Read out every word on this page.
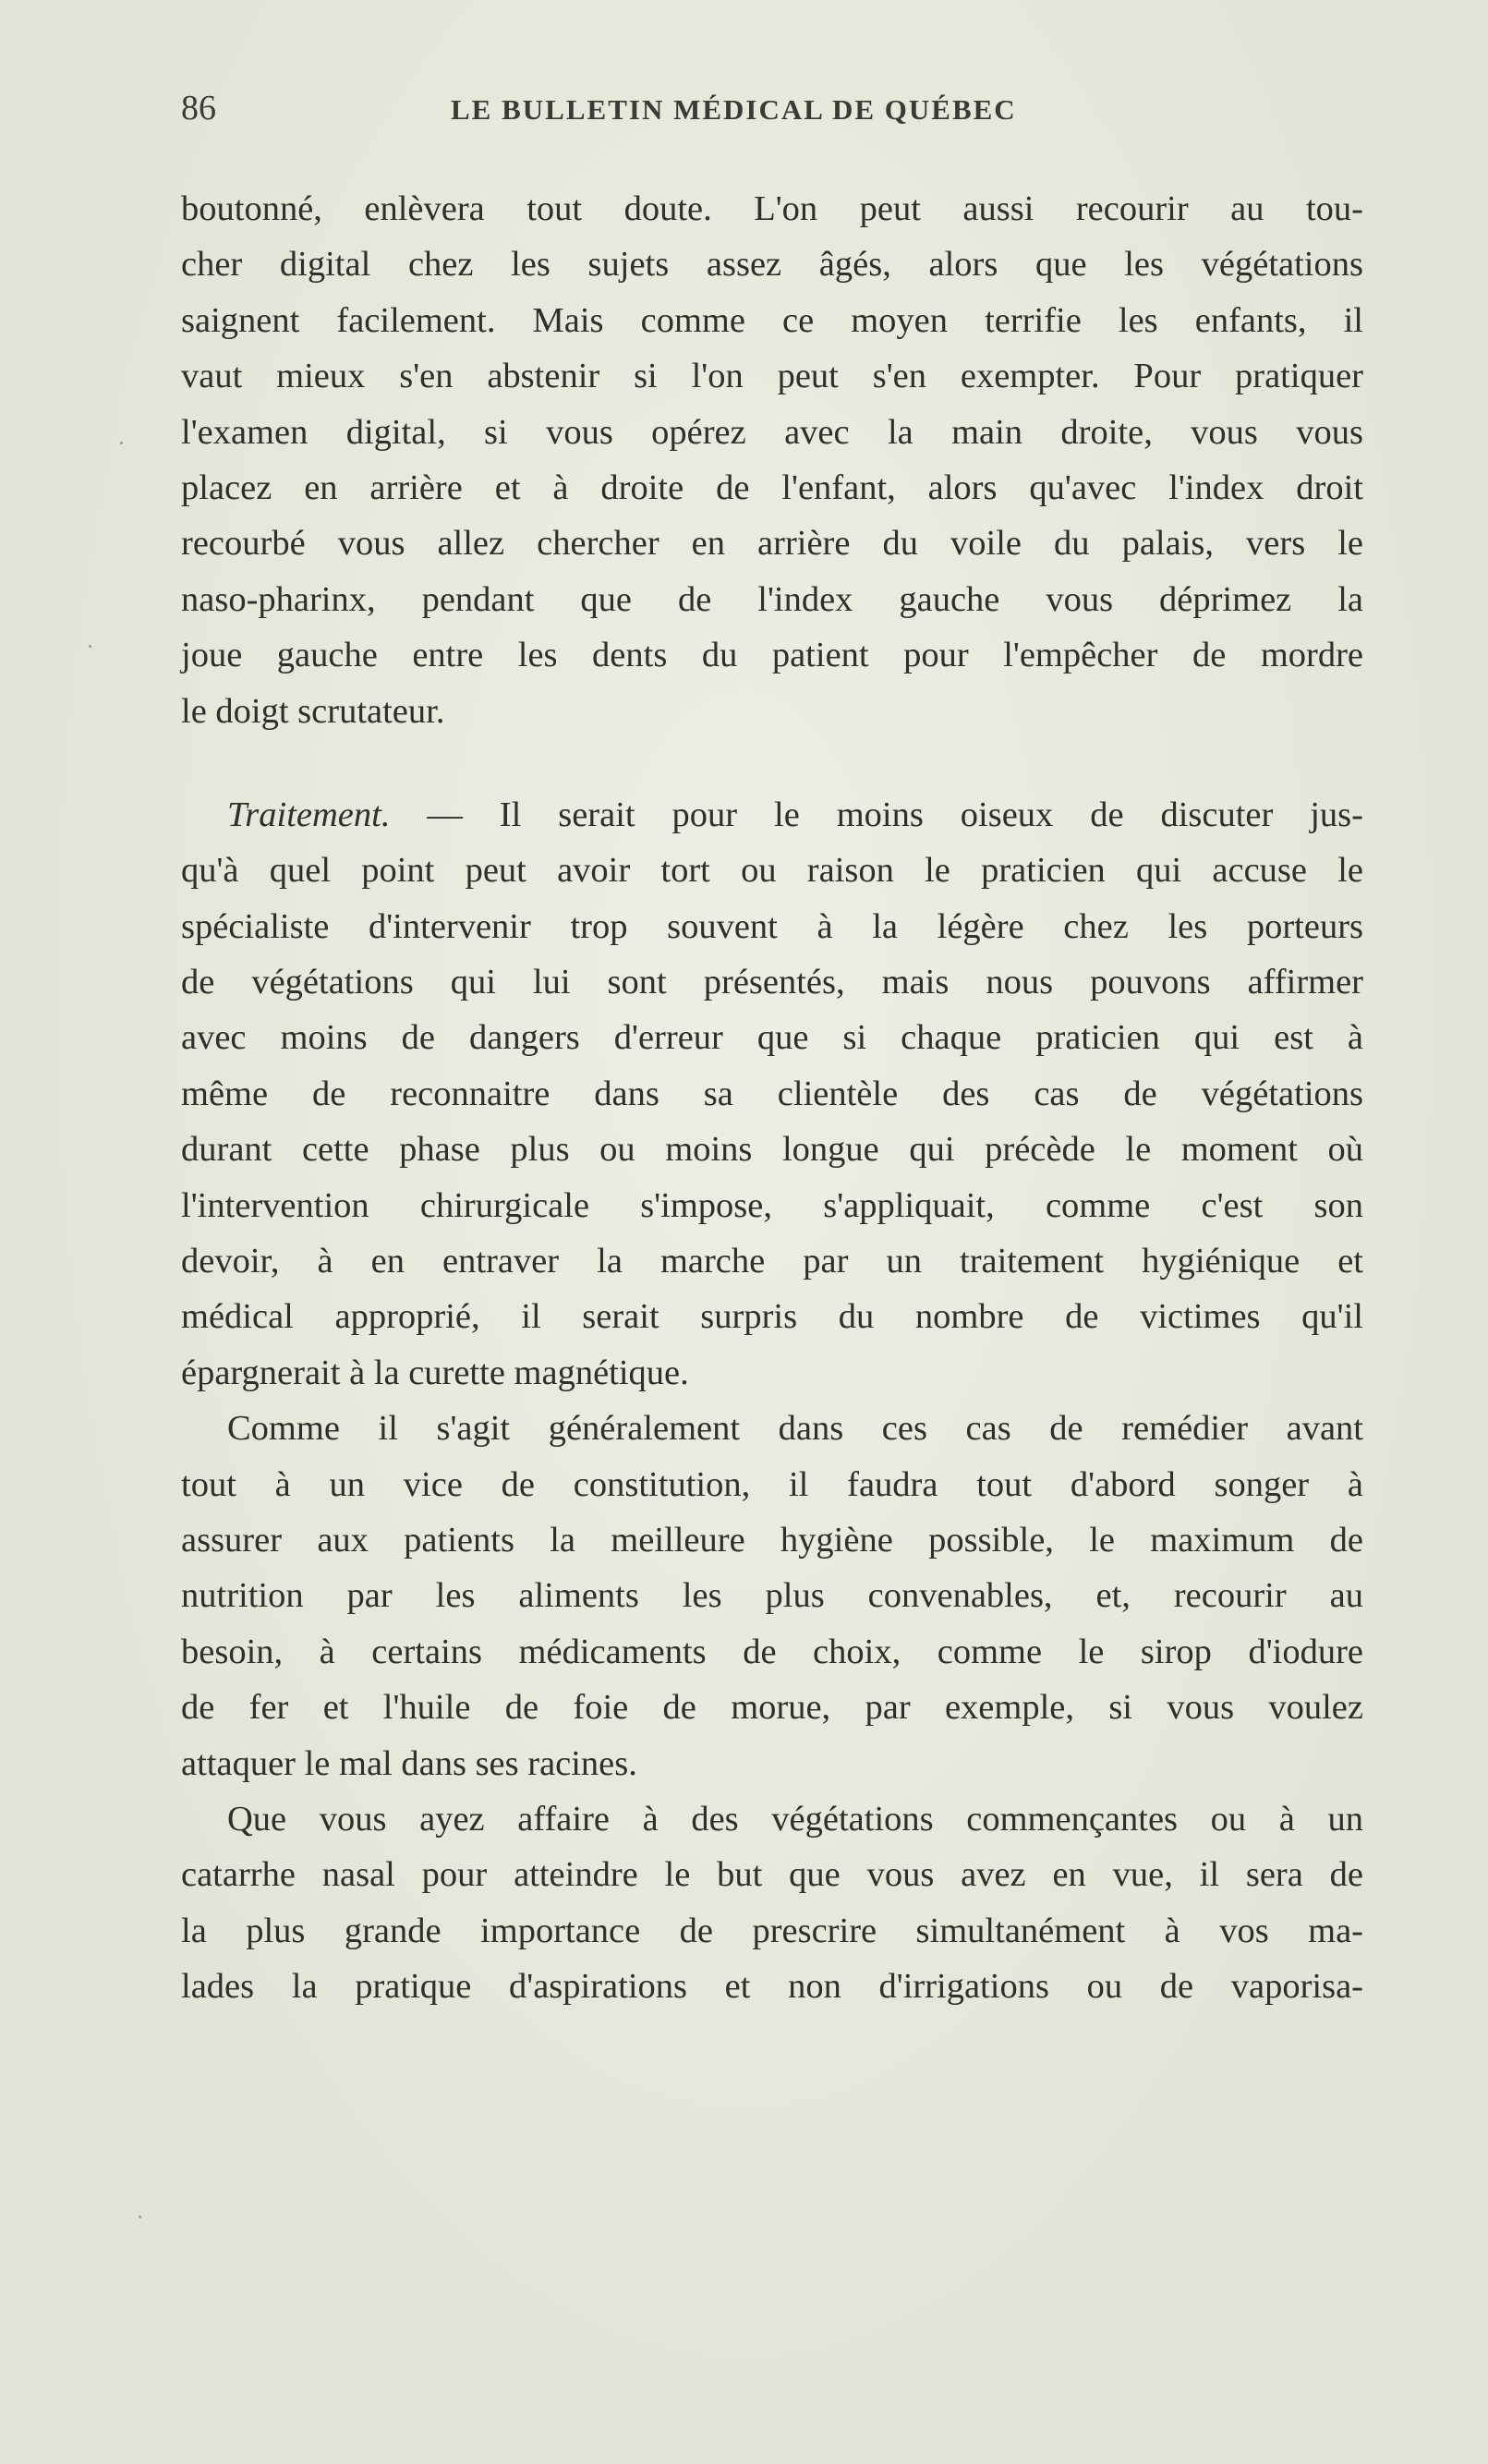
86	LE BULLETIN MÉDICAL DE QUÉBEC
boutonné, enlèvera tout doute. L'on peut aussi recourir au tou-
cher digital chez les sujets assez âgés, alors que les végétations
saignent facilement. Mais comme ce moyen terrifie les enfants, il
vaut mieux s'en abstenir si l'on peut s'en exempter. Pour pratiquer
l'examen digital, si vous opérez avec la main droite, vous vous
placez en arrière et à droite de l'enfant, alors qu'avec l'index droit
recourbé vous allez chercher en arrière du voile du palais, vers le
naso-pharinx, pendant que de l'index gauche vous déprimez la
joue gauche entre les dents du patient pour l'empêcher de mordre
le doigt scrutateur.
Traitement. — Il serait pour le moins oiseux de discuter jus-
qu'à quel point peut avoir tort ou raison le praticien qui accuse le
spécialiste d'intervenir trop souvent à la légère chez les porteurs
de végétations qui lui sont présentés, mais nous pouvons affirmer
avec moins de dangers d'erreur que si chaque praticien qui est à
même de reconnaitre dans sa clientèle des cas de végétations
durant cette phase plus ou moins longue qui précède le moment où
l'intervention chirurgicale s'impose, s'appliquait, comme c'est son
devoir, à en entraver la marche par un traitement hygiénique et
médical approprié, il serait surpris du nombre de victimes qu'il
épargnerait à la curette magnétique.
Comme il s'agit généralement dans ces cas de remédier avant
tout à un vice de constitution, il faudra tout d'abord songer à
assurer aux patients la meilleure hygiène possible, le maximum de
nutrition par les aliments les plus convenables, et, recourir au
besoin, à certains médicaments de choix, comme le sirop d'iodure
de fer et l'huile de foie de morue, par exemple, si vous voulez
attaquer le mal dans ses racines.
Que vous ayez affaire à des végétations commençantes ou à un
catarrhe nasal pour atteindre le but que vous avez en vue, il sera de
la plus grande importance de prescrire simultanément à vos ma-
lades la pratique d'aspirations et non d'irrigations ou de vaporisa-
